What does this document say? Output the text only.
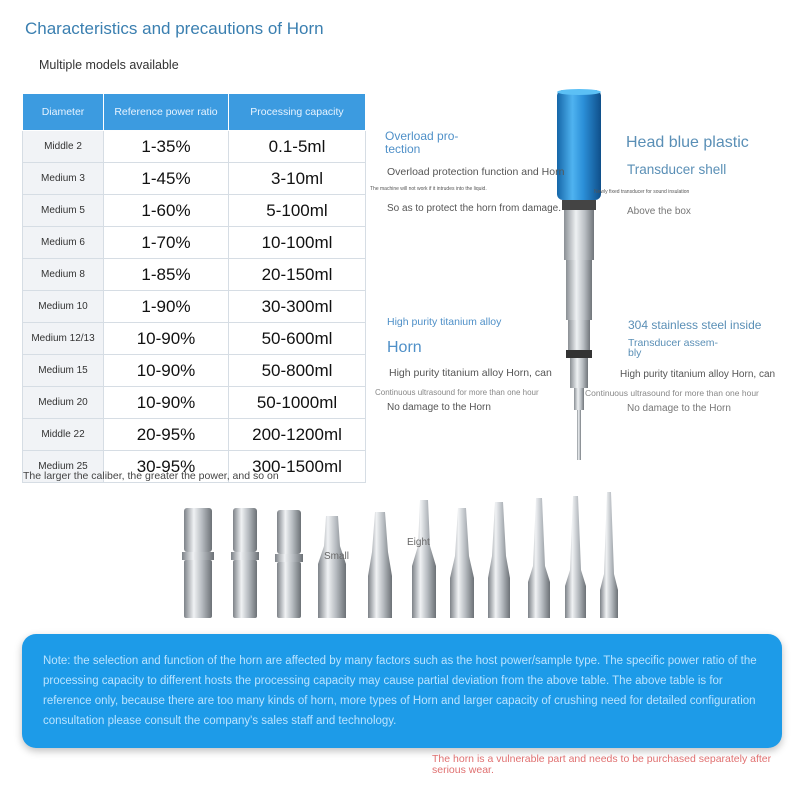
Characteristics and precautions of Horn
Multiple models available
Diameter	Reference power ratio	Processing capacity
Middle 2	1-35%	0.1-5ml
Medium 3	1-45%	3-10ml
Medium 5	1-60%	5-100ml
Medium 6	1-70%	10-100ml
Medium 8	1-85%	20-150ml
Medium 10	1-90%	30-300ml
Medium 12/13	10-90%	50-600ml
Medium 15	10-90%	50-800ml
Medium 20	10-90%	50-1000ml
Middle 22	20-95%	200-1200ml
Medium 25	30-95%	300-1500ml
The larger the caliber, the greater the power, and so on
Overload pro-
tection
Overload protection function and Horn
The machine will not work if it intrudes into the liquid.
So as to protect the horn from damage.
High purity titanium alloy
Horn
High purity titanium alloy Horn, can
Continuous ultrasound for more than one hour
No damage to the Horn
Head blue plastic
Transducer shell
Newly fixed transducer for sound insulation
Above the box
304 stainless steel inside
Transducer assem-
bly
High purity titanium alloy Horn, can
Continuous ultrasound for more than one hour
No damage to the Horn
Small
Eight
Note: the selection and function of the horn are affected by many factors such as the host power/sample type. The specific power ratio of the processing capacity to different hosts the processing capacity may cause partial deviation from the above table. The above table is for reference only, because there are too many kinds of horn, more types of Horn and larger capacity of crushing need for detailed configuration consultation please consult the company's sales staff and technology.
The horn is a vulnerable part and needs to be purchased separately after serious wear.
